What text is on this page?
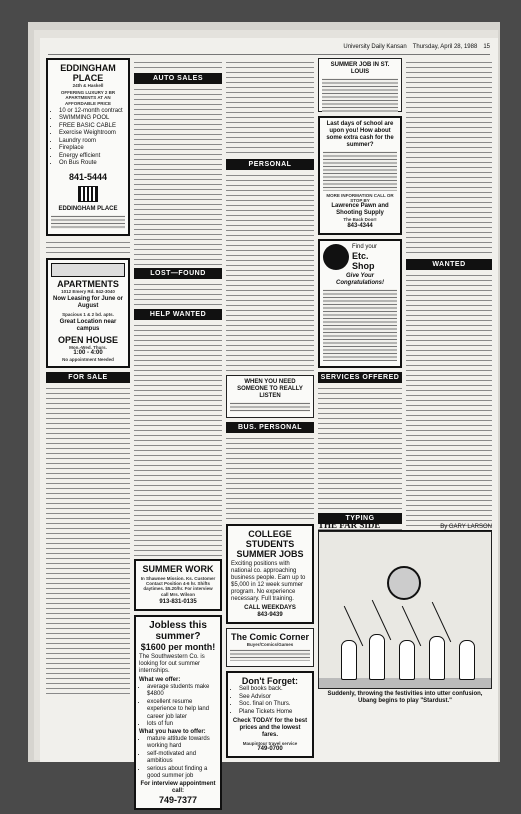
University Daily Kansan Thursday, April 28, 1988 15
EDDINGHAM PLACE
24th & Haskell
OFFERING LUXURY 2 BR APARTMENTS AT AN AFFORDABLE PRICE
• 10 or 12-month contract
• SWIMMING POOL
• FREE BASIC CABLE
• Exercise Weightroom
• Laundry room
• Fireplace
• Energy efficient
• On Bus Route
841-5444
EDDINGHAM PLACE
APARTMENTS
1012 Emery Rd. 842-3040
Now Leasing for June or August
Spacious 1 & 2 bd. apts.
Great Location near campus
OPEN HOUSE
Mon.-Wed. Thurs.
1:00 - 4:00
No appointment Needed
FOR SALE
AUTO SALES
LOST—FOUND
HELP WANTED
SUMMER WORK
In Shawnee Mission. Ks. Customer Contact Position 4-6 hr. Shifts daytimes. $5.20/hr. For interview call Mrs. Wilson
913-831-0135
Jobless this summer?
$1600 per month!
The Southwestern Co. is looking for out summer internships.
What we offer:
• average students make $4800
• excellent resume experience to help land career job later
• lots of fun
What you have to offer:
• mature attitude towards working hard
• self-motivated and ambitious
• serious about finding a good summer job
For interview appointment call:
749-7377
PERSONAL
WHEN YOU NEED SOMEONE TO REALLY LISTEN
BUS. PERSONAL
COLLEGE STUDENTS SUMMER JOBS
Exciting positions with national co. approaching business people. Earn up to $5,000 in 12 week summer program. No experience necessary. Full training.
CALL WEEKDAYS
843-9439
The Comic Corner
Buyer/Comics/Games
Don't Forget:
• Sell books back.
• See Advisor
• Soc. final on Thurs.
• Plane Tickets Home
Check TODAY for the best prices and the lowest fares.
Maupintour travel service
749-0700
SUMMER JOB IN ST. LOUIS
Last days of school are upon you! How about some extra cash for the summer?
MORE INFORMATION CALL OR STOP BY
Lawrence Pawn and Shooting Supply
The Back Door!
843-4344
Find your
Etc.
Shop
Give Your Congratulations!
SERVICES OFFERED
TYPING
WANTED
THE FAR SIDE	By GARY LARSON
Suddenly, throwing the festivities into utter confusion, Ubang begins to play "Stardust."
